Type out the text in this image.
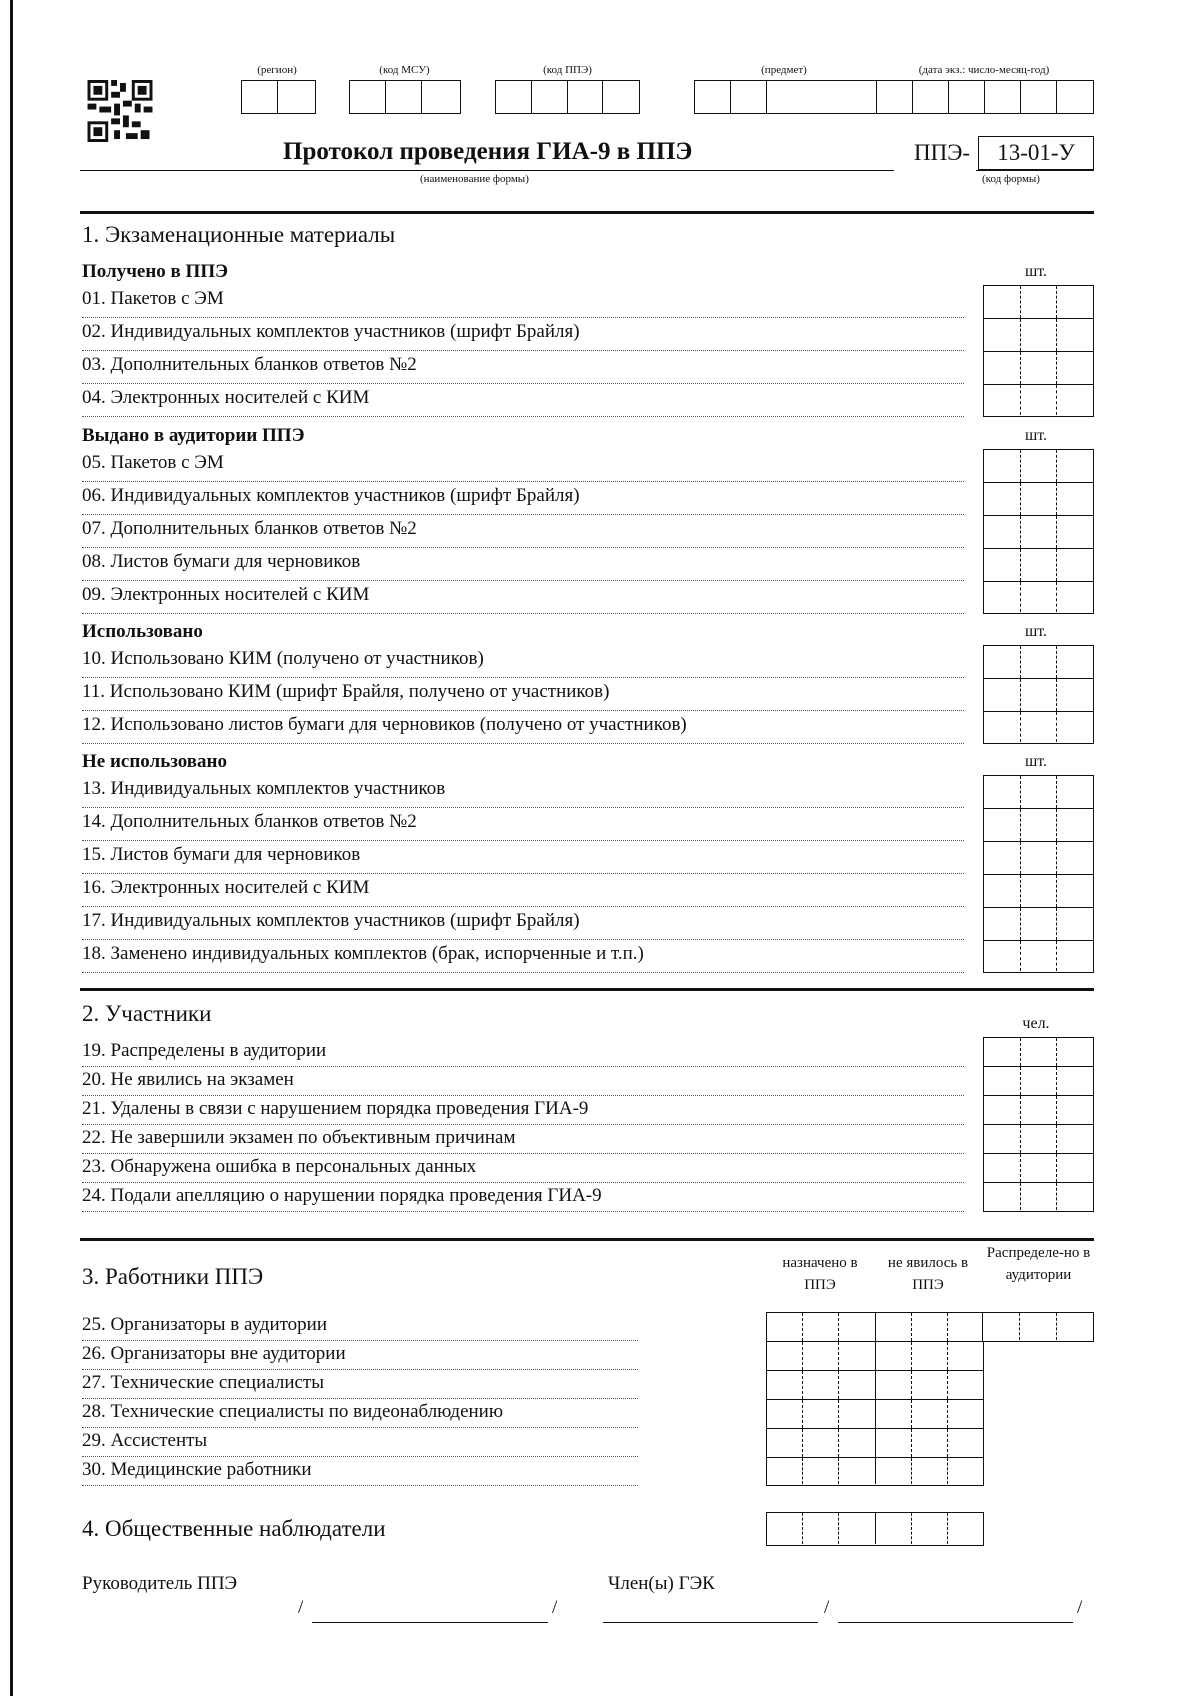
(регион)	(код МСУ)	(код ППЭ)	(предмет)	(дата экз.: число-месяц-год)
Протокол проведения ГИА-9 в ППЭ
(наименование формы)
ППЭ-	13-01-У
(код формы)
1. Экзаменационные материалы
Получено в ППЭ	шт.
01. Пакетов с ЭМ
02. Индивидуальных комплектов участников (шрифт Брайля)
03. Дополнительных бланков ответов №2
04. Электронных носителей с КИМ
Выдано в аудитории ППЭ	шт.
05. Пакетов с ЭМ
06. Индивидуальных комплектов участников (шрифт Брайля)
07. Дополнительных бланков ответов №2
08. Листов бумаги для черновиков
09. Электронных носителей с КИМ
Использовано	шт.
10. Использовано КИМ (получено от участников)
11. Использовано КИМ (шрифт Брайля, получено от участников)
12. Использовано листов бумаги для черновиков (получено от участников)
Не использовано	шт.
13. Индивидуальных комплектов участников
14. Дополнительных бланков ответов №2
15. Листов бумаги для черновиков
16. Электронных носителей с КИМ
17. Индивидуальных комплектов участников (шрифт Брайля)
18. Заменено индивидуальных комплектов (брак, испорченные и т.п.)
2. Участники	чел.
19. Распределены в аудитории
20. Не явились на экзамен
21. Удалены в связи с нарушением порядка проведения ГИА-9
22. Не завершили экзамен по объективным причинам
23. Обнаружена ошибка в персональных данных
24. Подали апелляцию о нарушении порядка проведения ГИА-9
3. Работники ППЭ
назначено в ППЭ
не явилось в ППЭ
Распределе-но в аудитории
25. Организаторы в аудитории
26. Организаторы вне аудитории
27. Технические специалисты
28. Технические специалисты по видеонаблюдению
29. Ассистенты
30. Медицинские работники
4. Общественные наблюдатели
Руководитель ППЭ
/	/
Член(ы) ГЭК
/	/
